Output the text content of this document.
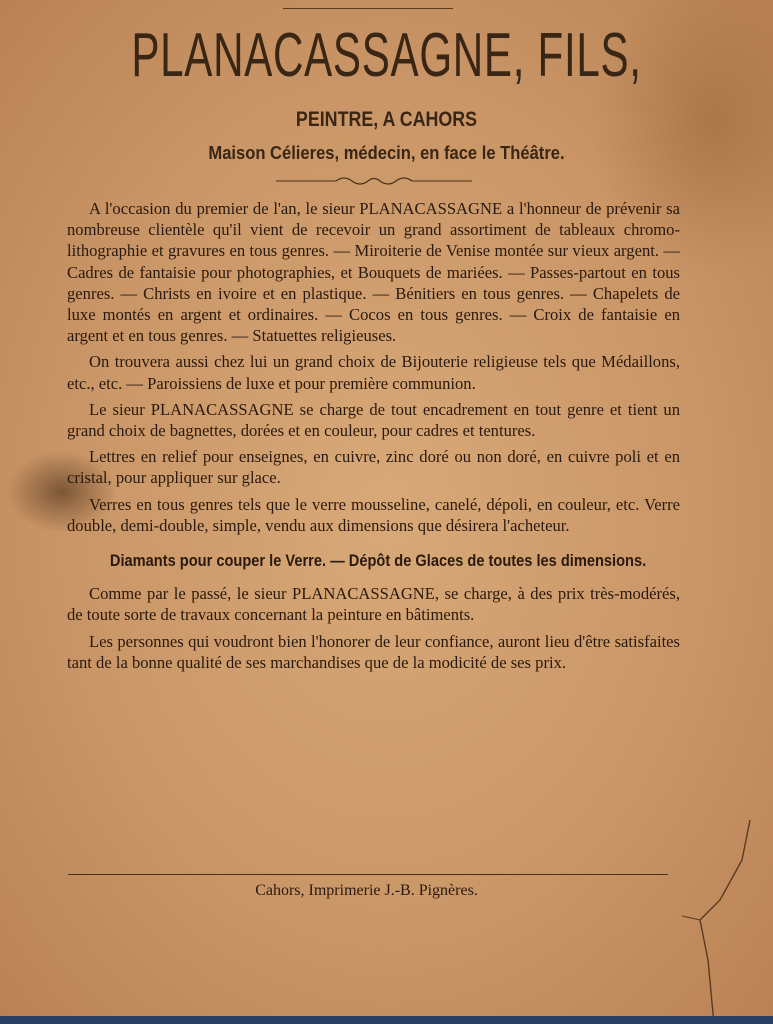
PLANACASSAGNE, FILS,
PEINTRE, A CAHORS
Maison Célieres, médecin, en face le Théâtre.

A l'occasion du premier de l'an, le sieur PLANACASSAGNE a l'honneur de prévenir sa nombreuse clientèle qu'il vient de recevoir un grand assortiment de tableaux chromo-lithographie et gravures en tous genres. — Miroiterie de Venise montée sur vieux argent. — Cadres de fantaisie pour photographies, et Bouquets de mariées. — Passes-partout en tous genres. — Christs en ivoire et en plastique. — Bénitiers en tous genres. — Chapelets de luxe montés en argent et ordinaires. — Cocos en tous genres. — Croix de fantaisie en argent et en tous genres. — Statuettes religieuses.

On trouvera aussi chez lui un grand choix de Bijouterie religieuse tels que Médaillons, etc., etc. — Paroissiens de luxe et pour première communion.

Le sieur PLANACASSAGNE se charge de tout encadrement en tout genre et tient un grand choix de bagnettes, dorées et en couleur, pour cadres et tentures.

Lettres en relief pour enseignes, en cuivre, zinc doré ou non doré, en cuivre poli et en cristal, pour appliquer sur glace.

Verres en tous genres tels que le verre mousseline, canelé, dépoli, en couleur, etc. Verre double, demi-double, simple, vendu aux dimensions que désirera l'acheteur.

Diamants pour couper le Verre. — Dépôt de Glaces de toutes les dimensions.

Comme par le passé, le sieur PLANACASSAGNE, se charge, à des prix très-modérés, de toute sorte de travaux concernant la peinture en bâtiments.

Les personnes qui voudront bien l'honorer de leur confiance, auront lieu d'être satisfaites tant de la bonne qualité de ses marchandises que de la modicité de ses prix.

Cahors, Imprimerie J.-B. Pignères.
